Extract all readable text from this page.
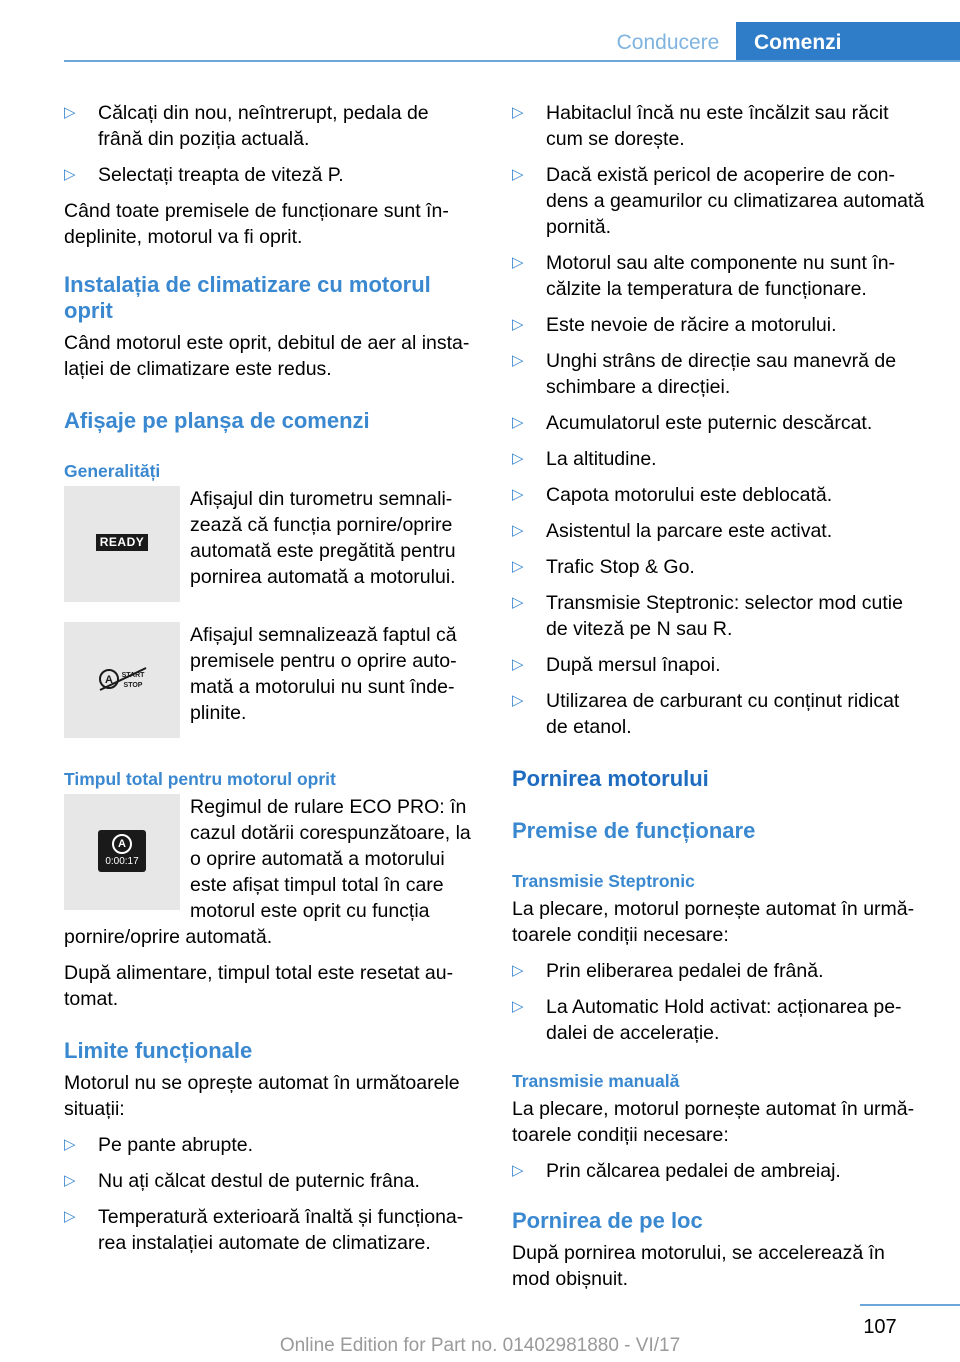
Conducere	Comenzi
▷ Călcați din nou, neîntrerupt, pedala de frână din poziția actuală.
▷ Selectați treapta de viteză P.
Când toate premisele de funcționare sunt îndeplinite, motorul va fi oprit.
Instalația de climatizare cu motorul oprit
Când motorul este oprit, debitul de aer al instalației de climatizare este redus.
Afișaje pe planșa de comenzi
Generalități
READY
Afișajul din turometru semnalizează că funcția pornire/oprire automată este pregătită pentru pornirea automată a motorului.
A START
STOP
Afișajul semnalizează faptul că premisele pentru o oprire automată a motorului nu sunt îndeplinite.
Timpul total pentru motorul oprit
A
0:00:17
Regimul de rulare ECO PRO: în cazul dotării corespunzătoare, la o oprire automată a motorului este afișat timpul total în care motorul este oprit cu funcția
pornire/oprire automată.
După alimentare, timpul total este resetat automat.
Limite funcționale
Motorul nu se oprește automat în următoarele situații:
▷ Pe pante abrupte.
▷ Nu ați călcat destul de puternic frâna.
▷ Temperatură exterioară înaltă și funcționarea instalației automate de climatizare.
▷ Habitaclul încă nu este încălzit sau răcit cum se dorește.
▷ Dacă există pericol de acoperire de condens a geamurilor cu climatizarea automată pornită.
▷ Motorul sau alte componente nu sunt încălzite la temperatura de funcționare.
▷ Este nevoie de răcire a motorului.
▷ Unghi strâns de direcție sau manevră de schimbare a direcției.
▷ Acumulatorul este puternic descărcat.
▷ La altitudine.
▷ Capota motorului este deblocată.
▷ Asistentul la parcare este activat.
▷ Trafic Stop & Go.
▷ Transmisie Steptronic: selector mod cutie de viteză pe N sau R.
▷ După mersul înapoi.
▷ Utilizarea de carburant cu conținut ridicat de etanol.
Pornirea motorului
Premise de funcționare
Transmisie Steptronic
La plecare, motorul pornește automat în următoarele condiții necesare:
▷ Prin eliberarea pedalei de frână.
▷ La Automatic Hold activat: acționarea pedalei de accelerație.
Transmisie manuală
La plecare, motorul pornește automat în următoarele condiții necesare:
▷ Prin călcarea pedalei de ambreiaj.
Pornirea de pe loc
După pornirea motorului, se accelerează în mod obișnuit.
107
Online Edition for Part no. 01402981880 - VI/17
